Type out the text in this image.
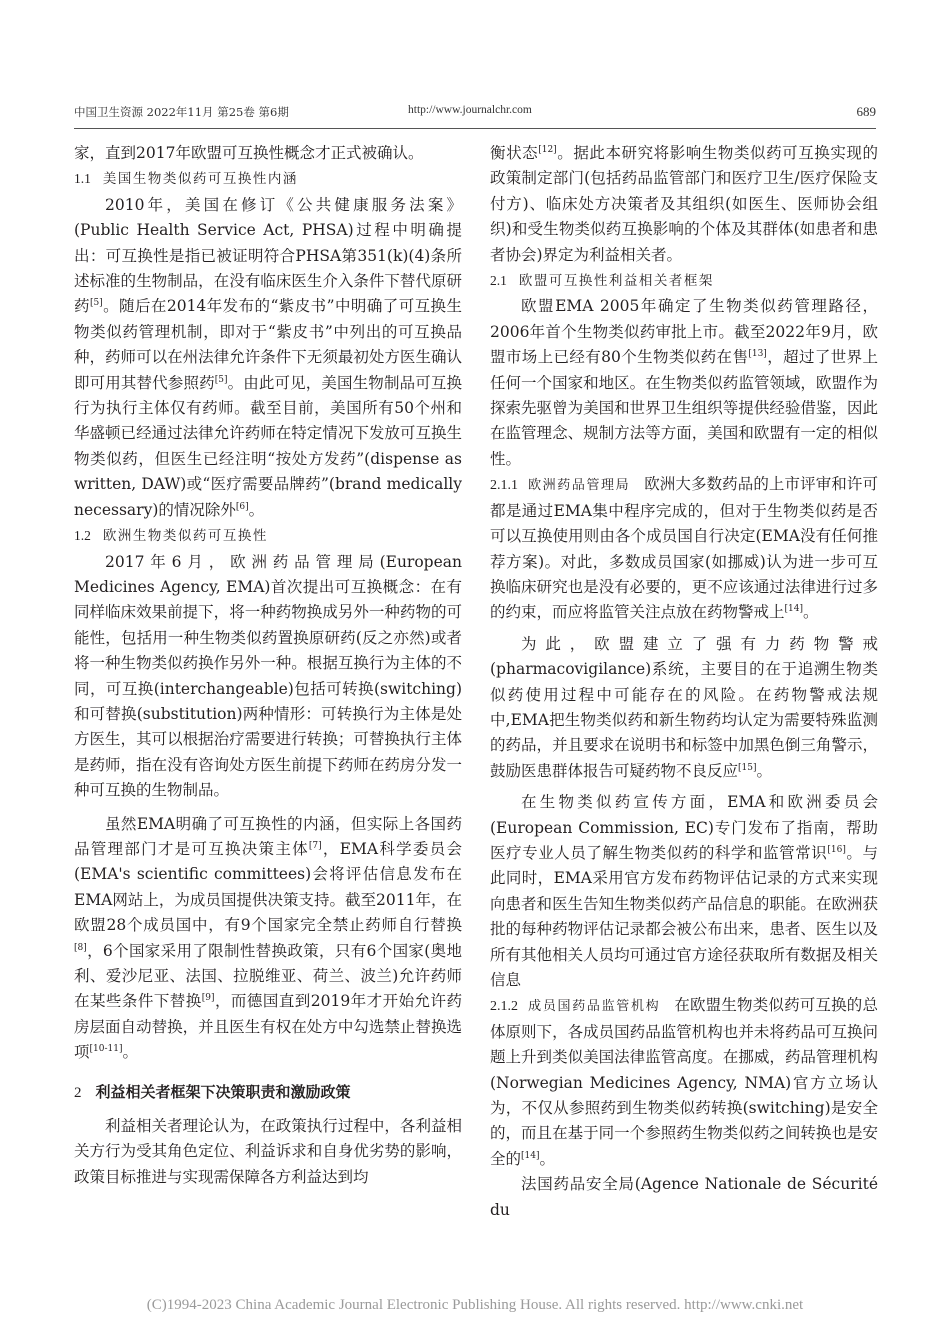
中国卫生资源 2022年11月 第25卷 第6期	http://www.journalchr.com	689

家，直到2017年欧盟可互换性概念才正式被确认。

1.1 美国生物类似药可互换性内涵

2010年，美国在修订《公共健康服务法案》(Public Health Service Act, PHSA)过程中明确提出：可互换性是指已被证明符合PHSA第351(k)(4)条所述标准的生物制品，在没有临床医生介入条件下替代原研药[5]。随后在2014年发布的“紫皮书”中明确了可互换生物类似药管理机制，即对于“紫皮书”中列出的可互换品种，药师可以在州法律允许条件下无须最初处方医生确认即可用其替代参照药[5]。由此可见，美国生物制品可互换行为执行主体仅有药师。截至目前，美国所有50个州和华盛顿已经通过法律允许药师在特定情况下发放可互换生物类似药，但医生已经注明“按处方发药”(dispense as written, DAW)或“医疗需要品牌药”(brand medically necessary)的情况除外[6]。

1.2 欧洲生物类似药可互换性

2017年6月，欧洲药品管理局(European Medicines Agency, EMA)首次提出可互换概念：在有同样临床效果前提下，将一种药物换成另外一种药物的可能性，包括用一种生物类似药置换原研药(反之亦然)或者将一种生物类似药换作另外一种。根据互换行为主体的不同，可互换(interchangeable)包括可转换(switching)和可替换(substitution)两种情形：可转换行为主体是处方医生，其可以根据治疗需要进行转换；可替换执行主体是药师，指在没有咨询处方医生前提下药师在药房分发一种可互换的生物制品。

虽然EMA明确了可互换性的内涵，但实际上各国药品管理部门才是可互换决策主体[7]，EMA科学委员会(EMA's scientific committees)会将评估信息发布在EMA网站上，为成员国提供决策支持。截至2011年，在欧盟28个成员国中，有9个国家完全禁止药师自行替换[8]，6个国家采用了限制性替换政策，只有6个国家(奥地利、爱沙尼亚、法国、拉脱维亚、荷兰、波兰)允许药师在某些条件下替换[9]，而德国直到2019年才开始允许药房层面自动替换，并且医生有权在处方中勾选禁止替换选项[10-11]。

2 利益相关者框架下决策职责和激励政策

利益相关者理论认为，在政策执行过程中，各利益相关方行为受其角色定位、利益诉求和自身优劣势的影响，政策目标推进与实现需保障各方利益达到均

衡状态[12]。据此本研究将影响生物类似药可互换实现的政策制定部门(包括药品监管部门和医疗卫生/医疗保险支付方)、临床处方决策者及其组织(如医生、医师协会组织)和受生物类似药互换影响的个体及其群体(如患者和患者协会)界定为利益相关者。

2.1 欧盟可互换性利益相关者框架

欧盟EMA 2005年确定了生物类似药管理路径，2006年首个生物类似药审批上市。截至2022年9月，欧盟市场上已经有80个生物类似药在售[13]，超过了世界上任何一个国家和地区。在生物类似药监管领域，欧盟作为探索先驱曾为美国和世界卫生组织等提供经验借鉴，因此在监管理念、规制方法等方面，美国和欧盟有一定的相似性。

2.1.1 欧洲药品管理局 欧洲大多数药品的上市评审和许可都是通过EMA集中程序完成的，但对于生物类似药是否可以互换使用则由各个成员国自行决定(EMA没有任何推荐方案)。对此，多数成员国家(如挪威)认为进一步可互换临床研究也是没有必要的，更不应该通过法律进行过多的约束，而应将监管关注点放在药物警戒上[14]。

为此，欧盟建立了强有力药物警戒(pharmacovigilance)系统，主要目的在于追溯生物类似药使用过程中可能存在的风险。在药物警戒法规中,EMA把生物类似药和新生物药均认定为需要特殊监测的药品，并且要求在说明书和标签中加黑色倒三角警示，鼓励医患群体报告可疑药物不良反应[15]。

在生物类似药宣传方面，EMA和欧洲委员会(European Commission, EC)专门发布了指南，帮助医疗专业人员了解生物类似药的科学和监管常识[16]。与此同时，EMA采用官方发布药物评估记录的方式来实现向患者和医生告知生物类似药产品信息的职能。在欧洲获批的每种药物评估记录都会被公布出来，患者、医生以及所有其他相关人员均可通过官方途径获取所有数据及相关信息

2.1.2 成员国药品监管机构 在欧盟生物类似药可互换的总体原则下，各成员国药品监管机构也并未将药品可互换问题上升到类似美国法律监管高度。在挪威，药品管理机构(Norwegian Medicines Agency, NMA)官方立场认为，不仅从参照药到生物类似药转换(switching)是安全的，而且在基于同一个参照药生物类似药之间转换也是安全的[14]。

法国药品安全局(Agence Nationale de Sécurité du

(C)1994-2023 China Academic Journal Electronic Publishing House. All rights reserved. http://www.cnki.net
